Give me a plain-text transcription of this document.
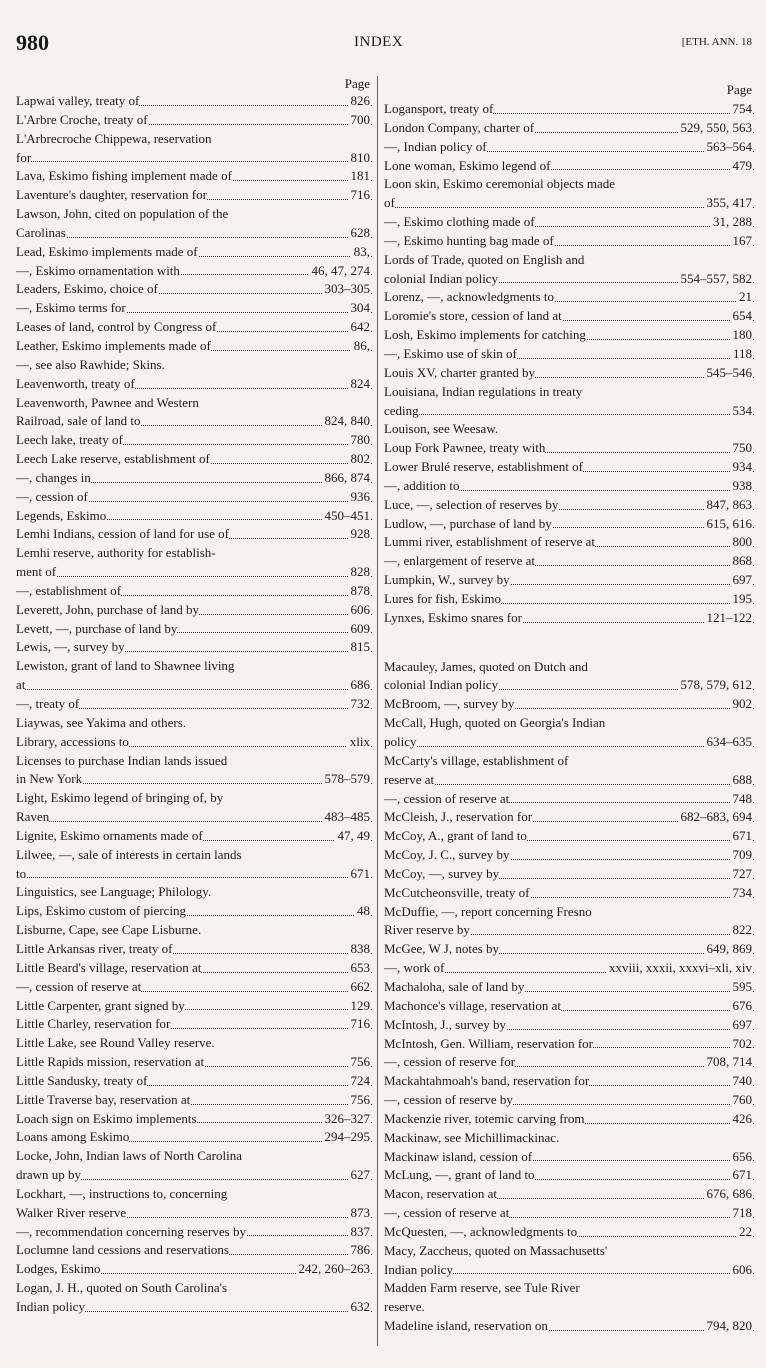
980	INDEX	[ETH. ANN. 18
Page
Lapwai valley, treaty of	826
L'Arbre Croche, treaty of	700
L'Arbrecroche Chippewa, reservation
for	810
Lava, Eskimo fishing implement made of	181
Laventure's daughter, reservation for	716
Lawson, John, cited on population of the
Carolinas	628
Lead, Eskimo implements made of	83,
—, Eskimo ornamentation with	46, 47, 274
Leaders, Eskimo, choice of	303–305
—, Eskimo terms for	304
Leases of land, control by Congress of	642
Leather, Eskimo implements made of	86,
—, see also Rawhide; Skins.
Leavenworth, treaty of	824
Leavenworth, Pawnee and Western
Railroad, sale of land to	824, 840
Leech lake, treaty of	780
Leech Lake reserve, establishment of	802
—, changes in	866, 874
—, cession of	936
Legends, Eskimo	450–451
Lemhi Indians, cession of land for use of	928
Lemhi reserve, authority for establish-
ment of	828
—, establishment of	878
Leverett, John, purchase of land by	606
Levett, —, purchase of land by	609
Lewis, —, survey by	815
Lewiston, grant of land to Shawnee living
at	686
—, treaty of	732
Liaywas, see Yakima and others.
Library, accessions to	xlix
Licenses to purchase Indian lands issued
in New York	578–579
Light, Eskimo legend of bringing of, by
Raven	483–485
Lignite, Eskimo ornaments made of	47, 49
Lilwee, —, sale of interests in certain lands
to	671
Linguistics, see Language; Philology.
Lips, Eskimo custom of piercing	48
Lisburne, Cape, see Cape Lisburne.
Little Arkansas river, treaty of	838
Little Beard's village, reservation at	653
—, cession of reserve at	662
Little Carpenter, grant signed by	129
Little Charley, reservation for	716
Little Lake, see Round Valley reserve.
Little Rapids mission, reservation at	756
Little Sandusky, treaty of	724
Little Traverse bay, reservation at	756
Loach sign on Eskimo implements	326–327
Loans among Eskimo	294–295
Locke, John, Indian laws of North Carolina
drawn up by	627
Lockhart, —, instructions to, concerning
Walker River reserve	873
—, recommendation concerning reserves by	837
Loclumne land cessions and reservations	786
Lodges, Eskimo	242, 260–263
Logan, J. H., quoted on South Carolina's
Indian policy	632
Page
Logansport, treaty of	754
London Company, charter of	529, 550, 563
—, Indian policy of	563–564
Lone woman, Eskimo legend of	479
Loon skin, Eskimo ceremonial objects made
of	355, 417
—, Eskimo clothing made of	31, 288
—, Eskimo hunting bag made of	167
Lords of Trade, quoted on English and
colonial Indian policy	554–557, 582
Lorenz, —, acknowledgments to	21
Loromie's store, cession of land at	654
Losh, Eskimo implements for catching	180
—, Eskimo use of skin of	118
Louis XV, charter granted by	545–546
Louisiana, Indian regulations in treaty
ceding	534
Louison, see Weesaw.
Loup Fork Pawnee, treaty with	750
Lower Brulé reserve, establishment of	934
—, addition to	938
Luce, —, selection of reserves by	847, 863
Ludlow, —, purchase of land by	615, 616
Lummi river, establishment of reserve at	800
—, enlargement of reserve at	868
Lumpkin, W., survey by	697
Lures for fish, Eskimo	195
Lynxes, Eskimo snares for	121–122
Macauley, James, quoted on Dutch and
colonial Indian policy	578, 579, 612
McBroom, —, survey by	902
McCall, Hugh, quoted on Georgia's Indian
policy	634–635
McCarty's village, establishment of
reserve at	688
—, cession of reserve at	748
McCleish, J., reservation for	682–683, 694
McCoy, A., grant of land to	671
McCoy, J. C., survey by	709
McCoy, —, survey by	727
McCutcheonsville, treaty of	734
McDuffie, —, report concerning Fresno
River reserve by	822
McGee, W J, notes by	649, 869
—, work of	xxviii, xxxii, xxxvi–xli, xiv
Machaloha, sale of land by	595
Machonce's village, reservation at	676
McIntosh, J., survey by	697
McIntosh, Gen. William, reservation for	702
—, cession of reserve for	708, 714
Mackahtahmoah's band, reservation for	740
—, cession of reserve by	760
Mackenzie river, totemic carving from	426
Mackinaw, see Michillimackinac.
Mackinaw island, cession of	656
McLung, —, grant of land to	671
Macon, reservation at	676, 686
—, cession of reserve at	718
McQuesten, —, acknowledgments to	22
Macy, Zaccheus, quoted on Massachusetts'
Indian policy	606
Madden Farm reserve, see Tule River
reserve.
Madeline island, reservation on	794, 820
